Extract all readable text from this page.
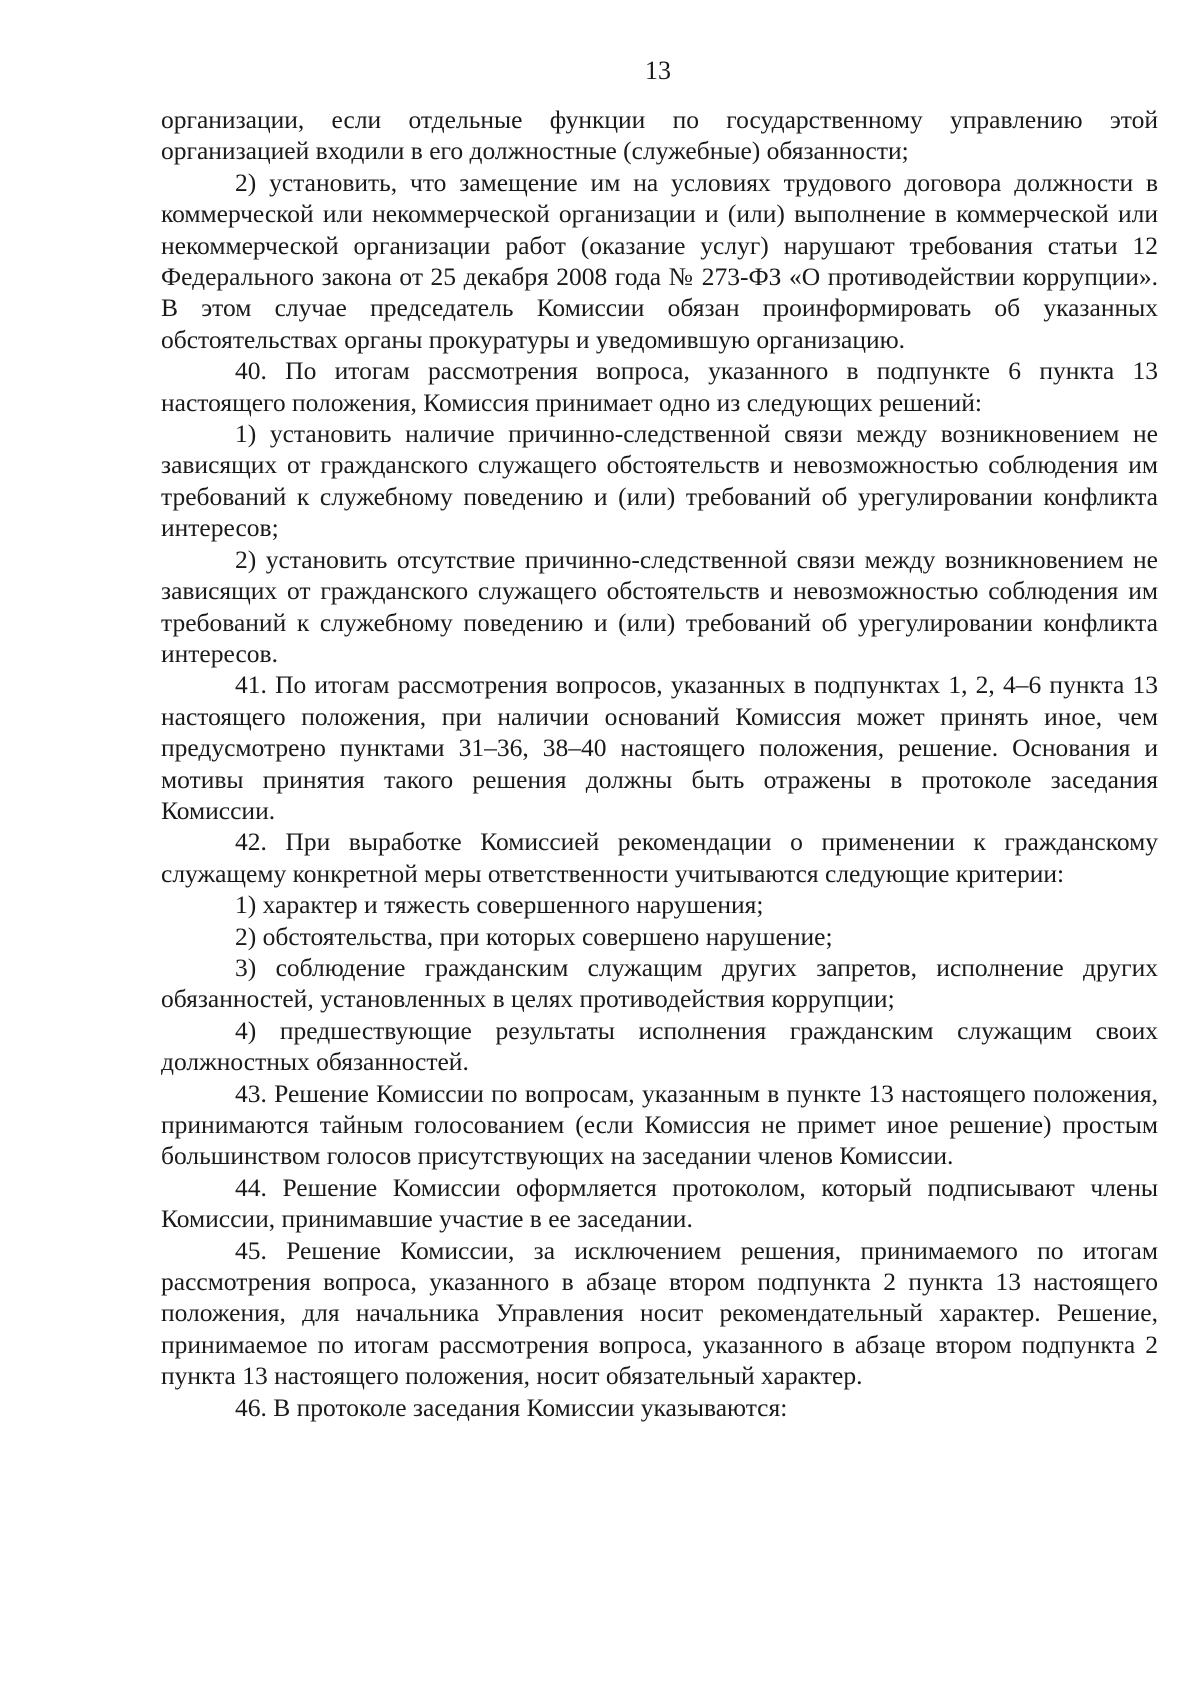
13

организации, если отдельные функции по государственному управлению этой организацией входили в его должностные (служебные) обязанности;

2) установить, что замещение им на условиях трудового договора должности в коммерческой или некоммерческой организации и (или) выполнение в коммерческой или некоммерческой организации работ (оказание услуг) нарушают требования статьи 12 Федерального закона от 25 декабря 2008 года № 273-ФЗ «О противодействии коррупции». В этом случае председатель Комиссии обязан проинформировать об указанных обстоятельствах органы прокуратуры и уведомившую организацию.

40. По итогам рассмотрения вопроса, указанного в подпункте 6 пункта 13 настоящего положения, Комиссия принимает одно из следующих решений:

1) установить наличие причинно-следственной связи между возникновением не зависящих от гражданского служащего обстоятельств и невозможностью соблюдения им требований к служебному поведению и (или) требований об урегулировании конфликта интересов;

2) установить отсутствие причинно-следственной связи между возникновением не зависящих от гражданского служащего обстоятельств и невозможностью соблюдения им требований к служебному поведению и (или) требований об урегулировании конфликта интересов.

41. По итогам рассмотрения вопросов, указанных в подпунктах 1, 2, 4–6 пункта 13 настоящего положения, при наличии оснований Комиссия может принять иное, чем предусмотрено пунктами 31–36, 38–40 настоящего положения, решение. Основания и мотивы принятия такого решения должны быть отражены в протоколе заседания Комиссии.

42. При выработке Комиссией рекомендации о применении к гражданскому служащему конкретной меры ответственности учитываются следующие критерии:

1) характер и тяжесть совершенного нарушения;

2) обстоятельства, при которых совершено нарушение;

3) соблюдение гражданским служащим других запретов, исполнение других обязанностей, установленных в целях противодействия коррупции;

4) предшествующие результаты исполнения гражданским служащим своих должностных обязанностей.

43. Решение Комиссии по вопросам, указанным в пункте 13 настоящего положения, принимаются тайным голосованием (если Комиссия не примет иное решение) простым большинством голосов присутствующих на заседании членов Комиссии.

44. Решение Комиссии оформляется протоколом, который подписывают члены Комиссии, принимавшие участие в ее заседании.

45. Решение Комиссии, за исключением решения, принимаемого по итогам рассмотрения вопроса, указанного в абзаце втором подпункта 2 пункта 13 настоящего положения, для начальника Управления носит рекомендательный характер. Решение, принимаемое по итогам рассмотрения вопроса, указанного в абзаце втором подпункта 2 пункта 13 настоящего положения, носит обязательный характер.

46. В протоколе заседания Комиссии указываются:
